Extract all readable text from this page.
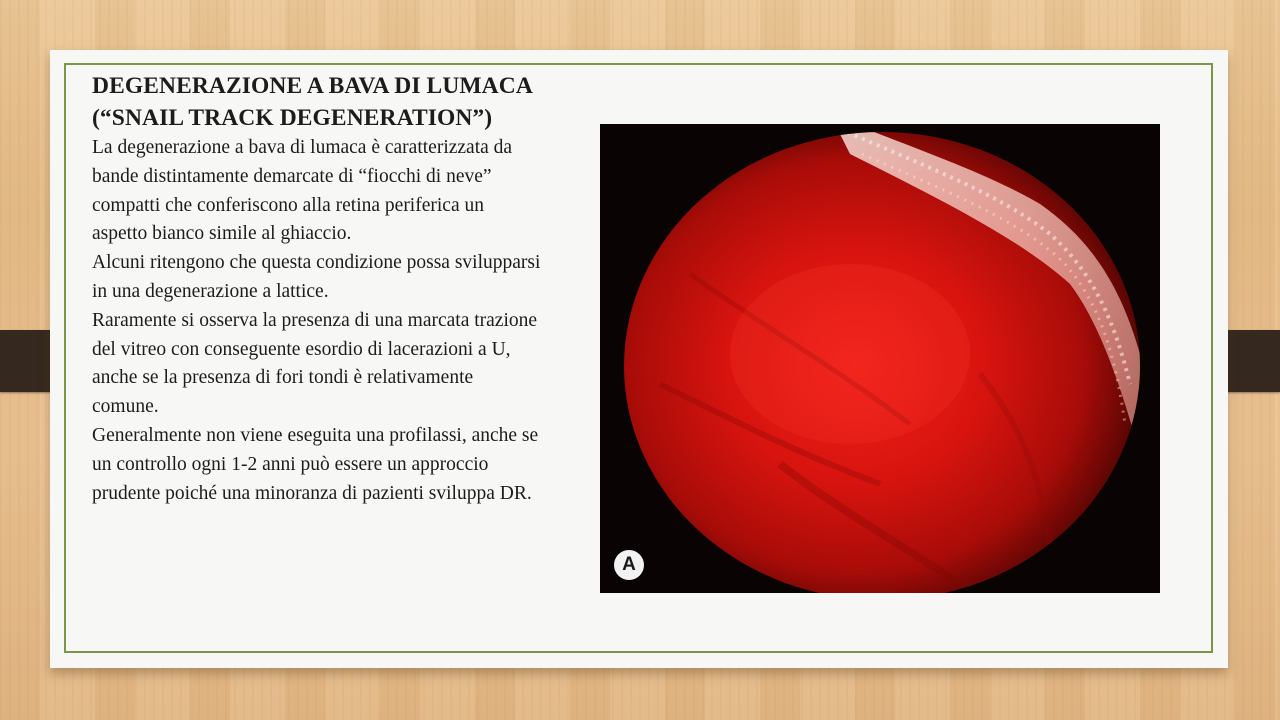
DEGENERAZIONE A BAVA DI LUMACA (“SNAIL TRACK DEGENERATION”)

La degenerazione a bava di lumaca è caratterizzata da bande distintamente demarcate di “fiocchi di neve” compatti che conferiscono alla retina periferica un aspetto bianco simile al ghiaccio.

Alcuni ritengono che questa condizione possa svilupparsi in una degenerazione a lattice.

Raramente si osserva la presenza di una marcata trazione del vitreo con conseguente esordio di lacerazioni a U, anche se la presenza di fori tondi è relativamente comune.

Generalmente non viene eseguita una profilassi, anche se un controllo ogni 1-2 anni può essere un approccio prudente poiché una minoranza di pazienti sviluppa DR.

A
